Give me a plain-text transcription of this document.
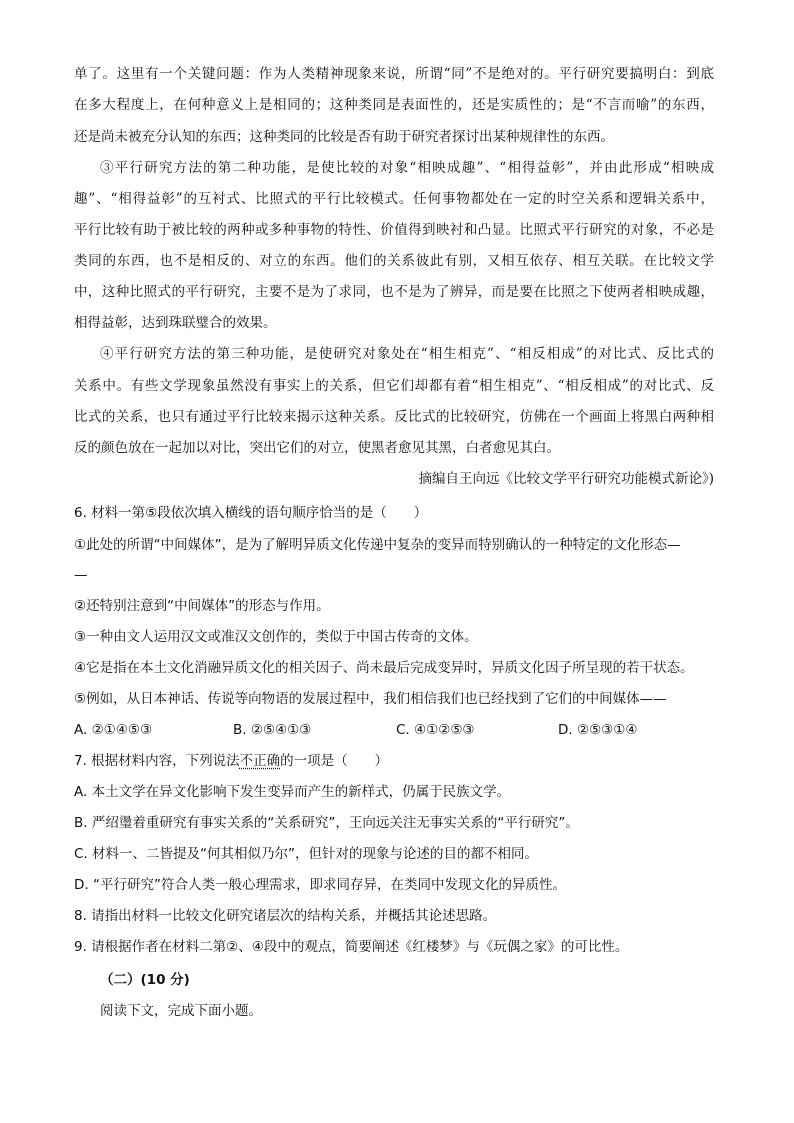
单了。这里有一个关键问题：作为人类精神现象来说，所谓“同”不是绝对的。平行研究要搞明白：到底
在多大程度上，在何种意义上是相同的；这种类同是表面性的，还是实质性的；是“不言而喻”的东西，
还是尚未被充分认知的东西；这种类同的比较是否有助于研究者探讨出某种规律性的东西。
③平行研究方法的第二种功能，是使比较的对象“相映成趣”、“相得益彰”，并由此形成“相映成
趣”、“相得益彰”的互衬式、比照式的平行比较模式。任何事物都处在一定的时空关系和逻辑关系中，
平行比较有助于被比较的两种或多种事物的特性、价值得到映衬和凸显。比照式平行研究的对象，不必是
类同的东西，也不是相反的、对立的东西。他们的关系彼此有别，又相互依存、相互关联。在比较文学
中，这种比照式的平行研究，主要不是为了求同，也不是为了辨异，而是要在比照之下使两者相映成趣，
相得益彰，达到珠联璧合的效果。
④平行研究方法的第三种功能，是使研究对象处在“相生相克”、“相反相成”的对比式、反比式的
关系中。有些文学现象虽然没有事实上的关系，但它们却都有着“相生相克”、“相反相成”的对比式、反
比式的关系，也只有通过平行比较来揭示这种关系。反比式的比较研究，仿佛在一个画面上将黑白两种相
反的颜色放在一起加以对比，突出它们的对立，使黑者愈见其黑，白者愈见其白。
摘编自王向远《比较文学平行研究功能模式新论》)
6. 材料一第⑤段依次填入横线的语句顺序恰当的是（　　）
①此处的所谓“中间媒体”，是为了解明异质文化传递中复杂的变异而特别确认的一种特定的文化形态—
—
②还特别注意到“中间媒体”的形态与作用。
③一种由文人运用汉文或准汉文创作的，类似于中国古传奇的文体。
④它是指在本土文化消融异质文化的相关因子、尚未最后完成变异时，异质文化因子所呈现的若干状态。
⑤例如，从日本神话、传说等向物语的发展过程中，我们相信我们也已经找到了它们的中间媒体——
A. ②①④⑤③	B. ②⑤④①③	C. ④①②⑤③	D. ②⑤③①④
7. 根据材料内容，下列说法不正确的一项是（　　）
A. 本土文学在异文化影响下发生变异而产生的新样式，仍属于民族文学。
B. 严绍璗着重研究有事实关系的“关系研究”，王向远关注无事实关系的“平行研究”。
C. 材料一、二皆提及“何其相似乃尔”，但针对的现象与论述的目的都不相同。
D. “平行研究”符合人类一般心理需求，即求同存异，在类同中发现文化的异质性。
8. 请指出材料一比较文化研究诸层次的结构关系，并概括其论述思路。
9. 请根据作者在材料二第②、④段中的观点，简要阐述《红楼梦》与《玩偶之家》的可比性。
（二）(10 分)
阅读下文，完成下面小题。
